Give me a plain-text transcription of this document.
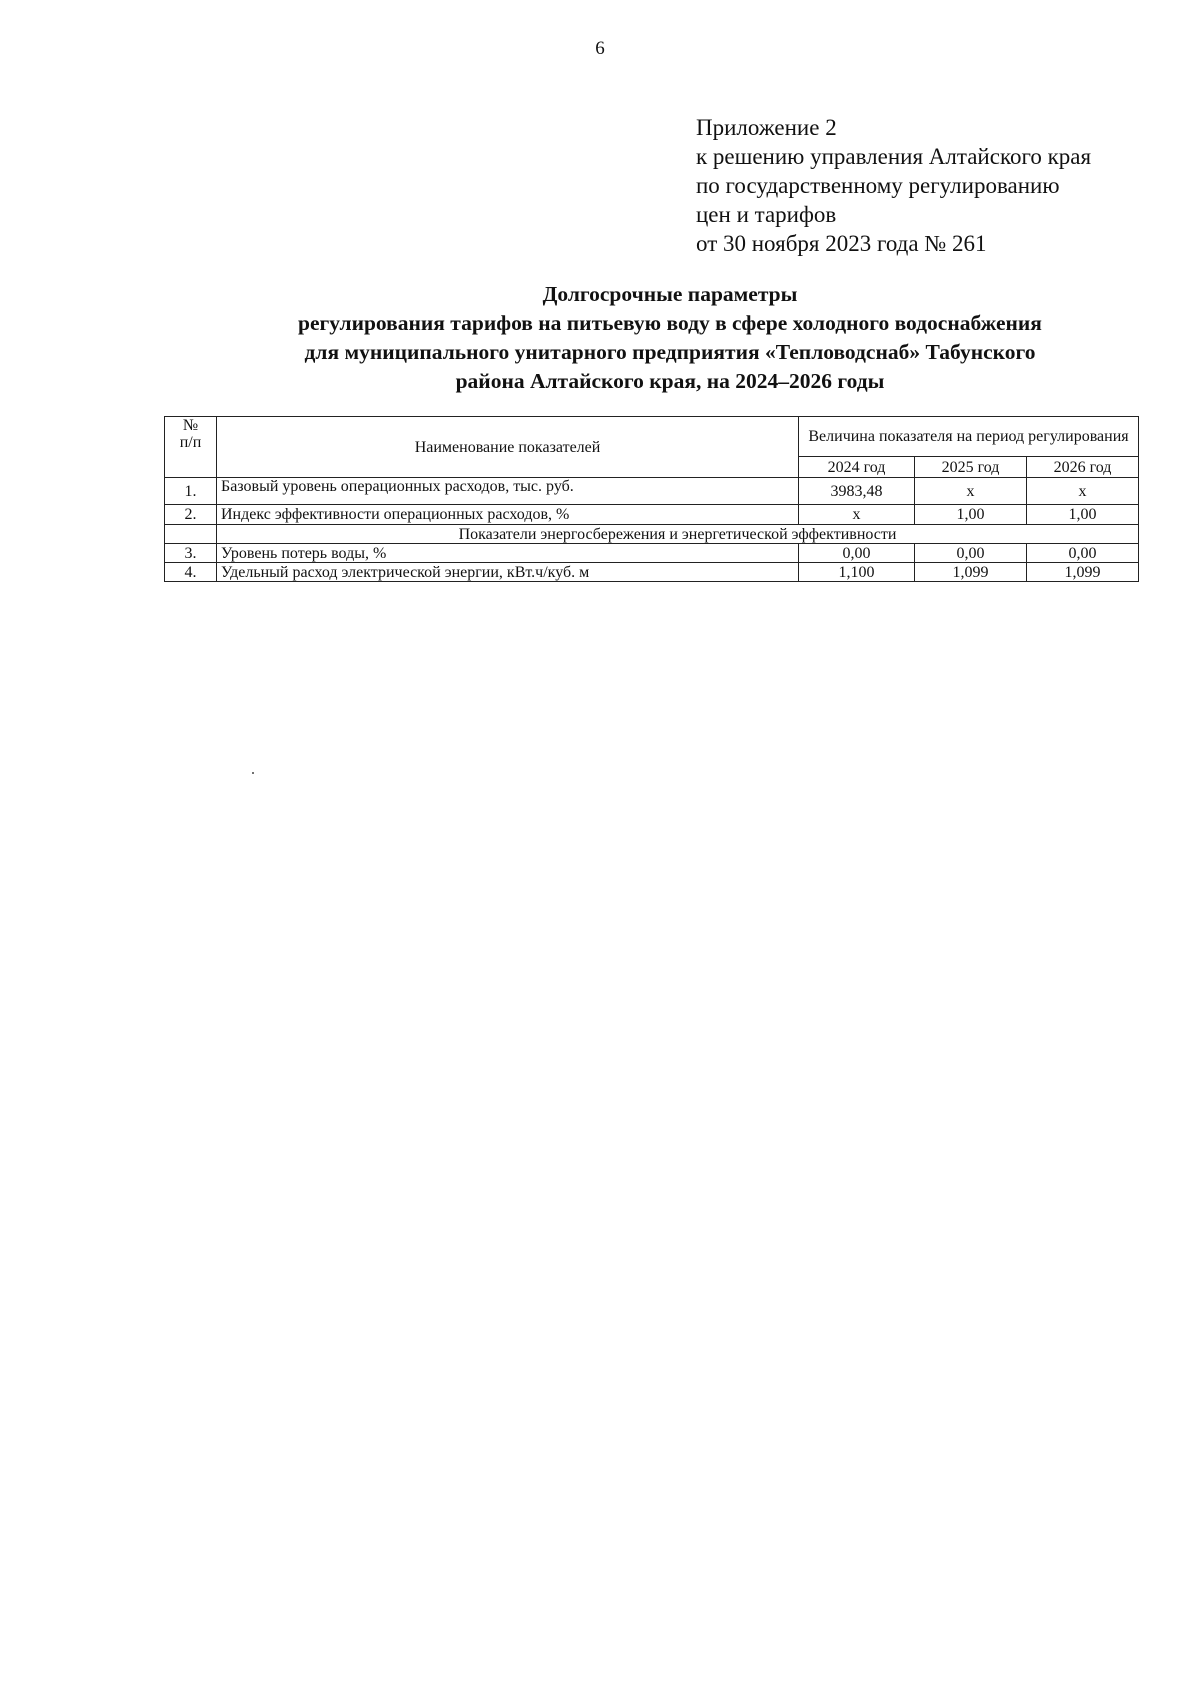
6
Приложение 2
к решению управления Алтайского края
по государственному регулированию
цен и тарифов
от 30 ноября 2023 года № 261
Долгосрочные параметры
регулирования тарифов на питьевую воду в сфере холодного водоснабжения
для муниципального унитарного предприятия «Тепловодснаб» Табунского
района Алтайского края, на 2024–2026 годы
№ п/п	Наименование показателей	Величина показателя на период регулирования		
		2024 год	2025 год	2026 год
1.	Базовый уровень операционных расходов, тыс. руб.	3983,48	х	х
2.	Индекс эффективности операционных расходов, %	х	1,00	1,00
	Показатели энергосбережения и энергетической эффективности			
3.	Уровень потерь воды, %	0,00	0,00	0,00
4.	Удельный расход электрической энергии, кВт.ч/куб. м	1,100	1,099	1,099
